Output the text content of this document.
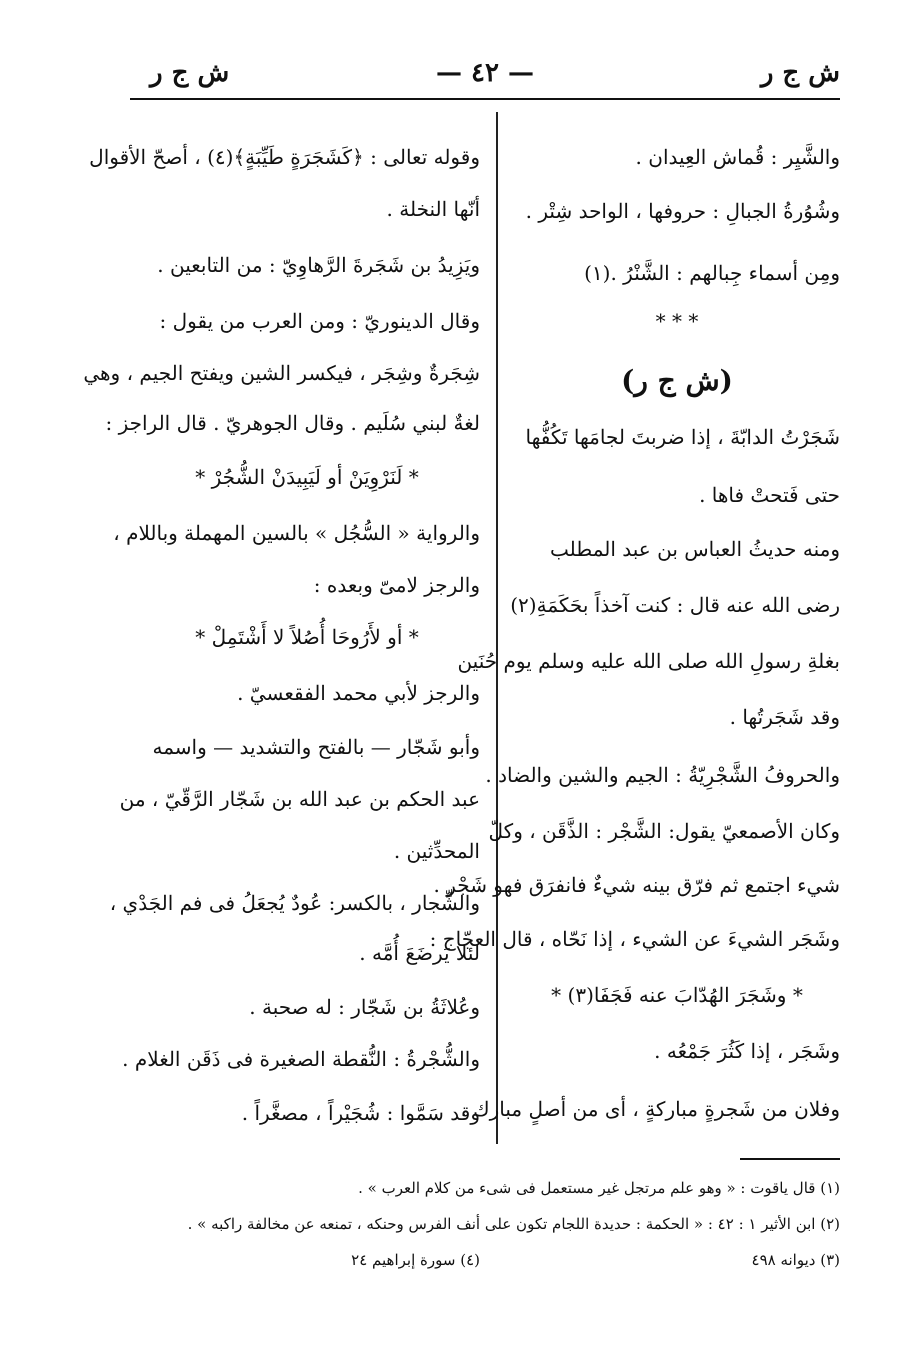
ش ج ر
— ٤٢ —
ش ج ر
والشَّيِر : قُماش العِيدان .
وشُوُرةُ الجبالِ : حروفها ، الواحد شِتْر .
ومِن أسماء جِبالهم : الشَّنْرُ .(١)
* * *
(ش ج ر)
شَجَرْتُ الدابّةَ ، إذا ضربتَ لجامَها تَكُفُّها
حتى فَتحتْ فاها .
ومنه حديثُ العباس بن عبد المطلب
رضى الله عنه قال : كنت آخذاً بحَكَمَةِ(٢)
بغلةِ رسولِ الله صلى الله عليه وسلم يوم حُنَين
وقد شَجَرتُها .
والحروفُ الشَّجْرِيّةُ : الجيم والشين والضاد .
وكان الأصمعيّ يقول: الشَّجْر : الذَّقَن ، وكلّ
شيء اجتمع ثم فرّق بينه شيءٌ فانفرَق فهو شَجْر .
وشَجَر الشيءَ عن الشيء ، إذا نَحّاه ، قال العجّاج :
* وشَجَرَ الهُدّابَ عنه فَجَفَا(٣) *
وشَجَر ، إذا كَثُرَ جَمْعُه .
وفلان من شَجرةٍ مباركةٍ ، أى من أصلٍ مبارك .
وقوله تعالى : ﴿كَشَجَرَةٍ طَيِّبَةٍ﴾(٤) ، أصحّ الأقوال
أنّها النخلة .
ويَزِيدُ بن شَجَرةَ الرَّهاوِيّ : من التابعين .
وقال الدينوريّ : ومن العرب من يقول :
شِجَرةٌ وشِجَر ، فيكسر الشين ويفتح الجيم ، وهي
لغةٌ لبني سُلَيم . وقال الجوهريّ . قال الراجز :
* لَنَرْوِيَنْ أو لَيَبِيدَنْ الشُّجُرْ *
والرواية « السُّجُل » بالسين المهملة وباللام ،
والرجز لامىّ وبعده :
* أو لأَرُوحَا أُصُلاً لا أَشْتَمِلْ *
والرجز لأبي محمد الفقعسيّ .
وأبو شَجّار — بالفتح والتشديد — واسمه
عبد الحكم بن عبد الله بن شَجّار الرَّقّيّ ، من
المحدِّثين .
والشِّجار ، بالكسر: عُودٌ يُجعَلُ فى فم الجَدْي ،
لئلا يَرضَعَ أُمَّه .
وعُلاثَةُ بن شَجّار : له صحبة .
والشُّجْرةُ : النُّقطة الصغيرة فى ذَقَن الغلام .
وقد سَمَّوا : شُجَيْراً ، مصغَّراً .
(١) قال ياقوت : « وهو علم مرتجل غير مستعمل فى شىء من كلام العرب » .
(٢) ابن الأثير ١ : ٤٢ : « الحكمة : حديدة اللجام تكون على أنف الفرس وحنكه ، تمنعه عن مخالفة راكبه » .
(٣) ديوانه ٤٩٨
(٤) سورة إبراهيم ٢٤
